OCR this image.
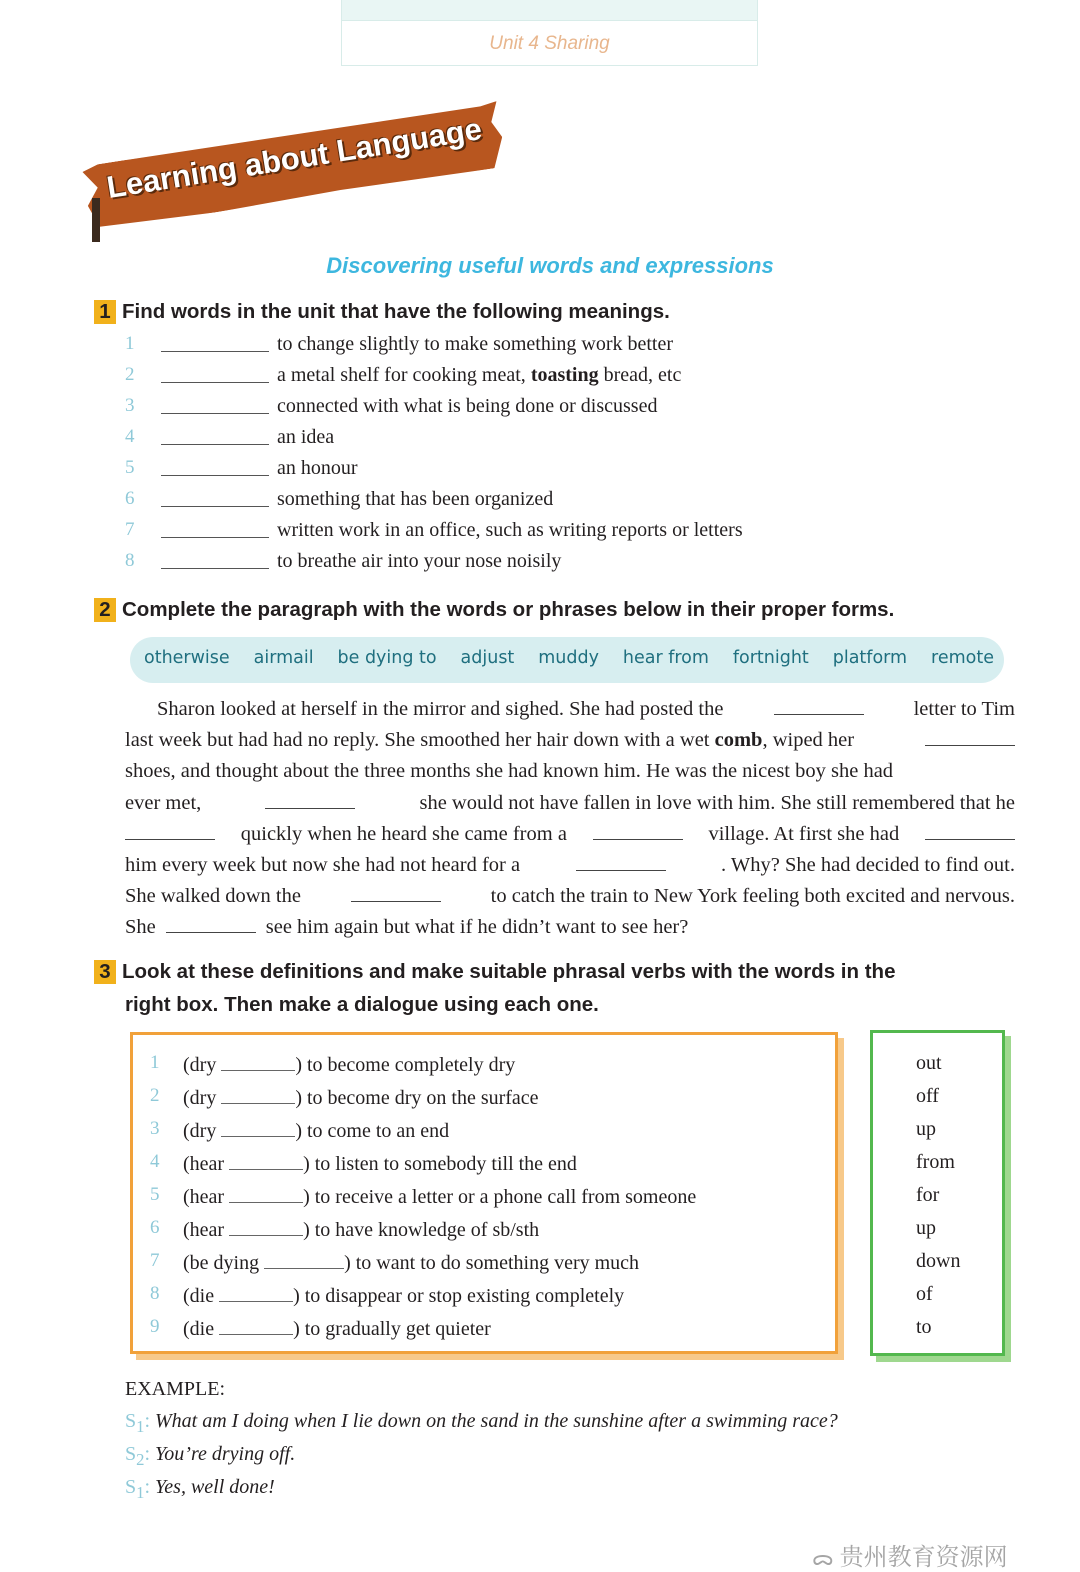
Unit 4 Sharing
Learning about Language
Discovering useful words and expressions
1 Find words in the unit that have the following meanings.
1	to change slightly to make something work better
2	a metal shelf for cooking meat, toasting bread, etc
3	connected with what is being done or discussed
4	an idea
5	an honour
6	something that has been organized
7	written work in an office, such as writing reports or letters
8	to breathe air into your nose noisily
2 Complete the paragraph with the words or phrases below in their proper forms.
otherwise airmail be dying to adjust muddy hear from fortnight platform remote
Sharon looked at herself in the mirror and sighed. She had posted the	letter to Tim
last week but had had no reply. She smoothed her hair down with a wet comb, wiped her
shoes, and thought about the three months she had known him. He was the nicest boy she had
ever met,	she would not have fallen in love with him. She still remembered that he
quickly when he heard she came from a	village. At first she had
him every week but now she had not heard for a	. Why? She had decided to find out.
She walked down the	to catch the train to New York feeling both excited and nervous.
She	see him again but what if he didn’t want to see her?
3 Look at these definitions and make suitable phrasal verbs with the words in the
right box. Then make a dialogue using each one.
1 (dry	) to become completely dry
2 (dry	) to become dry on the surface
3 (dry	) to come to an end
4 (hear	) to listen to somebody till the end
5 (hear	) to receive a letter or a phone call from someone
6 (hear	) to have knowledge of sb/sth
7 (be dying	) to want to do something very much
8 (die	) to disappear or stop existing completely
9 (die	) to gradually get quieter
out
off
up
from
for
up
down
of
to
EXAMPLE:
$S_1$: What am I doing when I lie down on the sand in the sunshine after a swimming race?
$S_2$: You’re drying off.
$S_1$: Yes, well done!
ᯅ 贵州教育资源网
